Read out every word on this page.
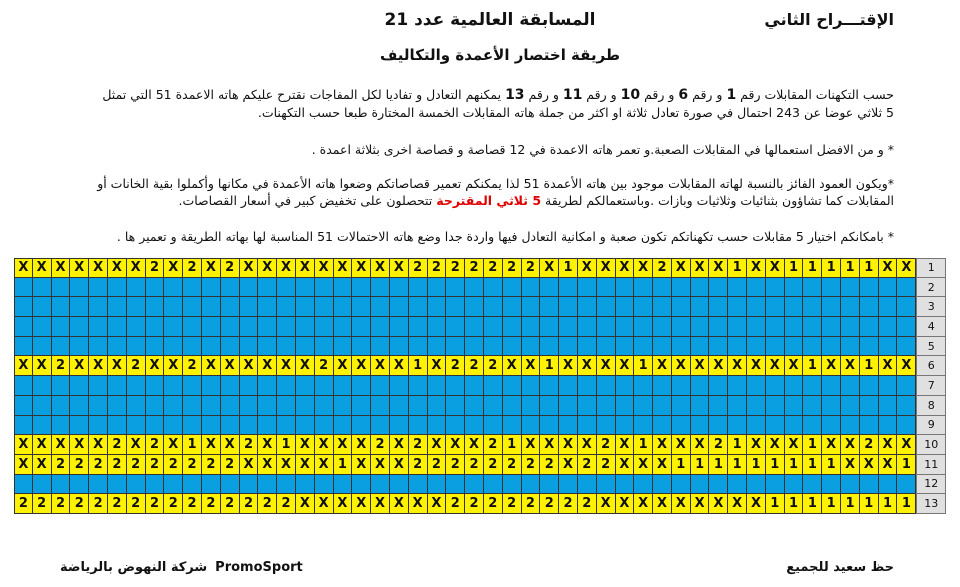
الإقتـــراح الثاني
المسابقة العالمية عدد 21
طريقة اختصار الأعمدة والتكاليف
حسب التكهنات المقابلات رقم 1 و رقم 6 و رقم 10 و رقم 11 و رقم 13 يمكنهم التعادل و تفاديا لكل المفاجات نقترح عليكم هاته الاعمدة 51 التي تمثل
5 ثلاثي عوضا عن 243 احتمال في صورة تعادل ثلاثة او اكثر من جملة هاته المقابلات الخمسة المختارة طبعا حسب التكهنات.
* و من الافضل استعمالها في المقابلات الصعبة.و تعمر هاته الاعمدة في 12 قصاصة و قصاصة اخرى بثلاثة اعمدة .
*ويكون العمود الفائز بالنسبة لهاته المقابلات موجود بين هاته الأعمدة 51 لذا يمكنكم تعمير قصاصاتكم وضعوا هاته الأعمدة في مكانها وأكملوا بقية الخانات أو
المقابلات كما تشاؤون بثنائيات وثلاثيات وبازات .وباستعمالكم لطريقة 5 ثلاثي المقترحة تتحصلون على تخفيض كبير في أسعار القصاصات.
* بامكانكم اختيار 5 مقابلات حسب تكهناتكم تكون صعبة و امكانية التعادل فيها واردة جدا وضع هاته الاحتمالات 51 المناسبة لها بهاته الطريقة و تعمير ها .
X X X X X X X 2 X 2 X 2 X X X X X X X X X 2 2 2 2 2 2 2 X 1 X X X X 2 X X X 1 X X 1 1 1 1 1 X X	1
2
3
4
5
X X 2 X X X 2 X X 2 X X X X X X 2 X X X X 1 X 2 2 2 X X 1 X X X X 1 X X X X X X X X 1 X X 1 X X	6
7
8
9
X X X X X 2 X 2 X 1 X X 2 X 1 X X X X 2 X 2 X X X 2 1 X X X X 2 X 1 X X X 2 1 X X X 1 X X 2 X X	10
X X 2 2 2 2 2 2 2 2 2 2 X X X X X 1 X X X 2 2 2 2 2 2 2 2 X 2 2 X X X 1 1 1 1 1 1 1 1 1 X X X 1	11
12
2 2 2 2 2 2 2 2 2 2 2 2 2 2 2 X X X X X X X X 2 2 2 2 2 2 2 2 X X X X X X X X X 1 1 1 1 1 1 1 1	13
حظ سعيد للجميع
شركة النهوض بالرياضة PromoSport
